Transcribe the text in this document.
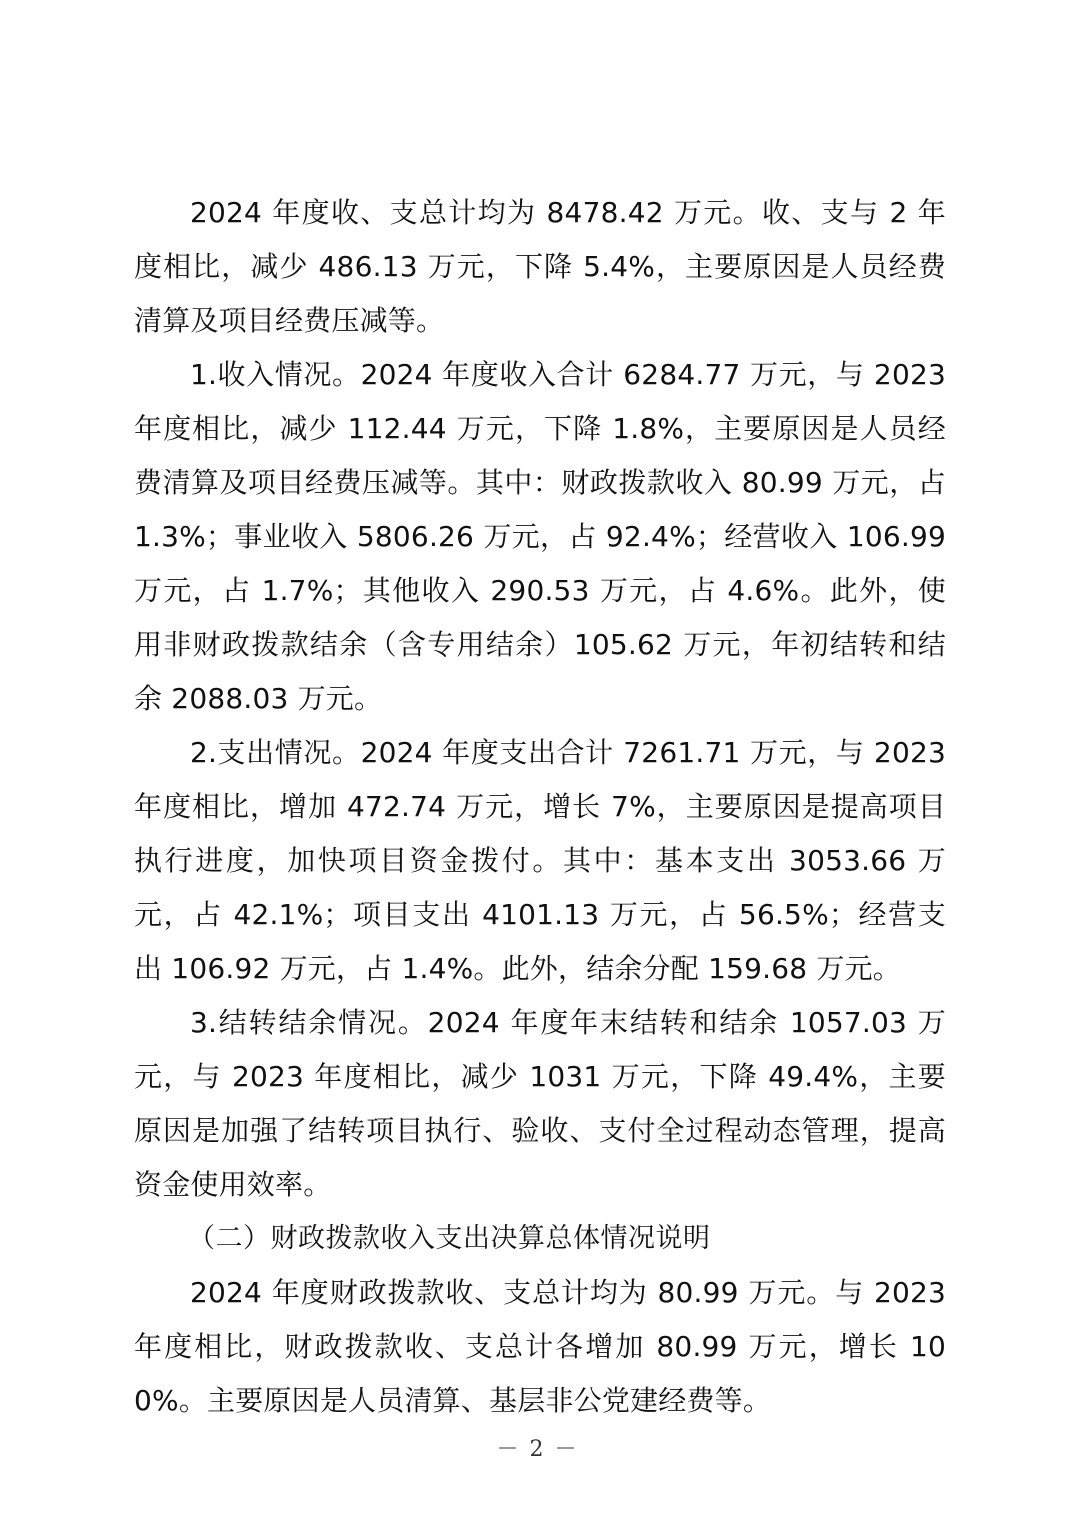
2024 年度收、支总计均为 8478.42 万元。收、支与 2 年度相比，减少 486.13 万元，下降 5.4%，主要原因是人员经费清算及项目经费压减等。

1.收入情况。2024 年度收入合计 6284.77 万元，与 2023 年度相比，减少 112.44 万元，下降 1.8%，主要原因是人员经费清算及项目经费压减等。其中：财政拨款收入 80.99 万元，占 1.3%；事业收入 5806.26 万元，占 92.4%；经营收入 106.99 万元，占 1.7%；其他收入 290.53 万元，占 4.6%。此外，使用非财政拨款结余（含专用结余）105.62 万元，年初结转和结余 2088.03 万元。

2.支出情况。2024 年度支出合计 7261.71 万元，与 2023 年度相比，增加 472.74 万元，增长 7%，主要原因是提高项目执行进度，加快项目资金拨付。其中：基本支出 3053.66 万元，占 42.1%；项目支出 4101.13 万元，占 56.5%；经营支出 106.92 万元，占 1.4%。此外，结余分配 159.68 万元。

3.结转结余情况。2024 年度年末结转和结余 1057.03 万元，与 2023 年度相比，减少 1031 万元，下降 49.4%，主要原因是加强了结转项目执行、验收、支付全过程动态管理，提高资金使用效率。

（二）财政拨款收入支出决算总体情况说明

2024 年度财政拨款收、支总计均为 80.99 万元。与 2023 年度相比，财政拨款收、支总计各增加 80.99 万元，增长 100%。主要原因是人员清算、基层非公党建经费等。

－ 2 －
